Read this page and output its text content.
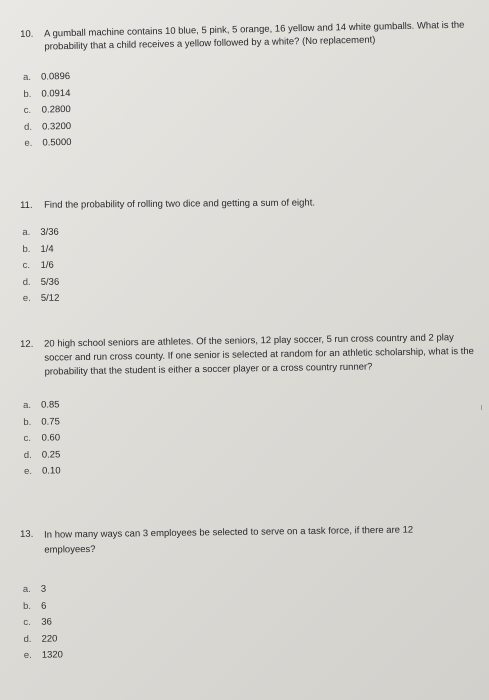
10.	A gumball machine contains 10 blue, 5 pink, 5 orange, 16 yellow and 14 white gumballs. What is the probability that a child receives a yellow followed by a white? (No replacement)
a.	0.0896
b.	0.0914
c.	0.2800
d.	0.3200
e.	0.5000
11.	Find the probability of rolling two dice and getting a sum of eight.
a.	3/36
b.	1/4
c.	1/6
d.	5/36
e.	5/12
12.	20 high school seniors are athletes. Of the seniors, 12 play soccer, 5 run cross country and 2 play soccer and run cross county. If one senior is selected at random for an athletic scholarship, what is the probability that the student is either a soccer player or a cross country runner?
a.	0.85
b.	0.75
c.	0.60
d.	0.25
e.	0.10
13.	In how many ways can 3 employees be selected to serve on a task force, if there are 12 employees?
a.	3
b.	6
c.	36
d.	220
e.	1320
